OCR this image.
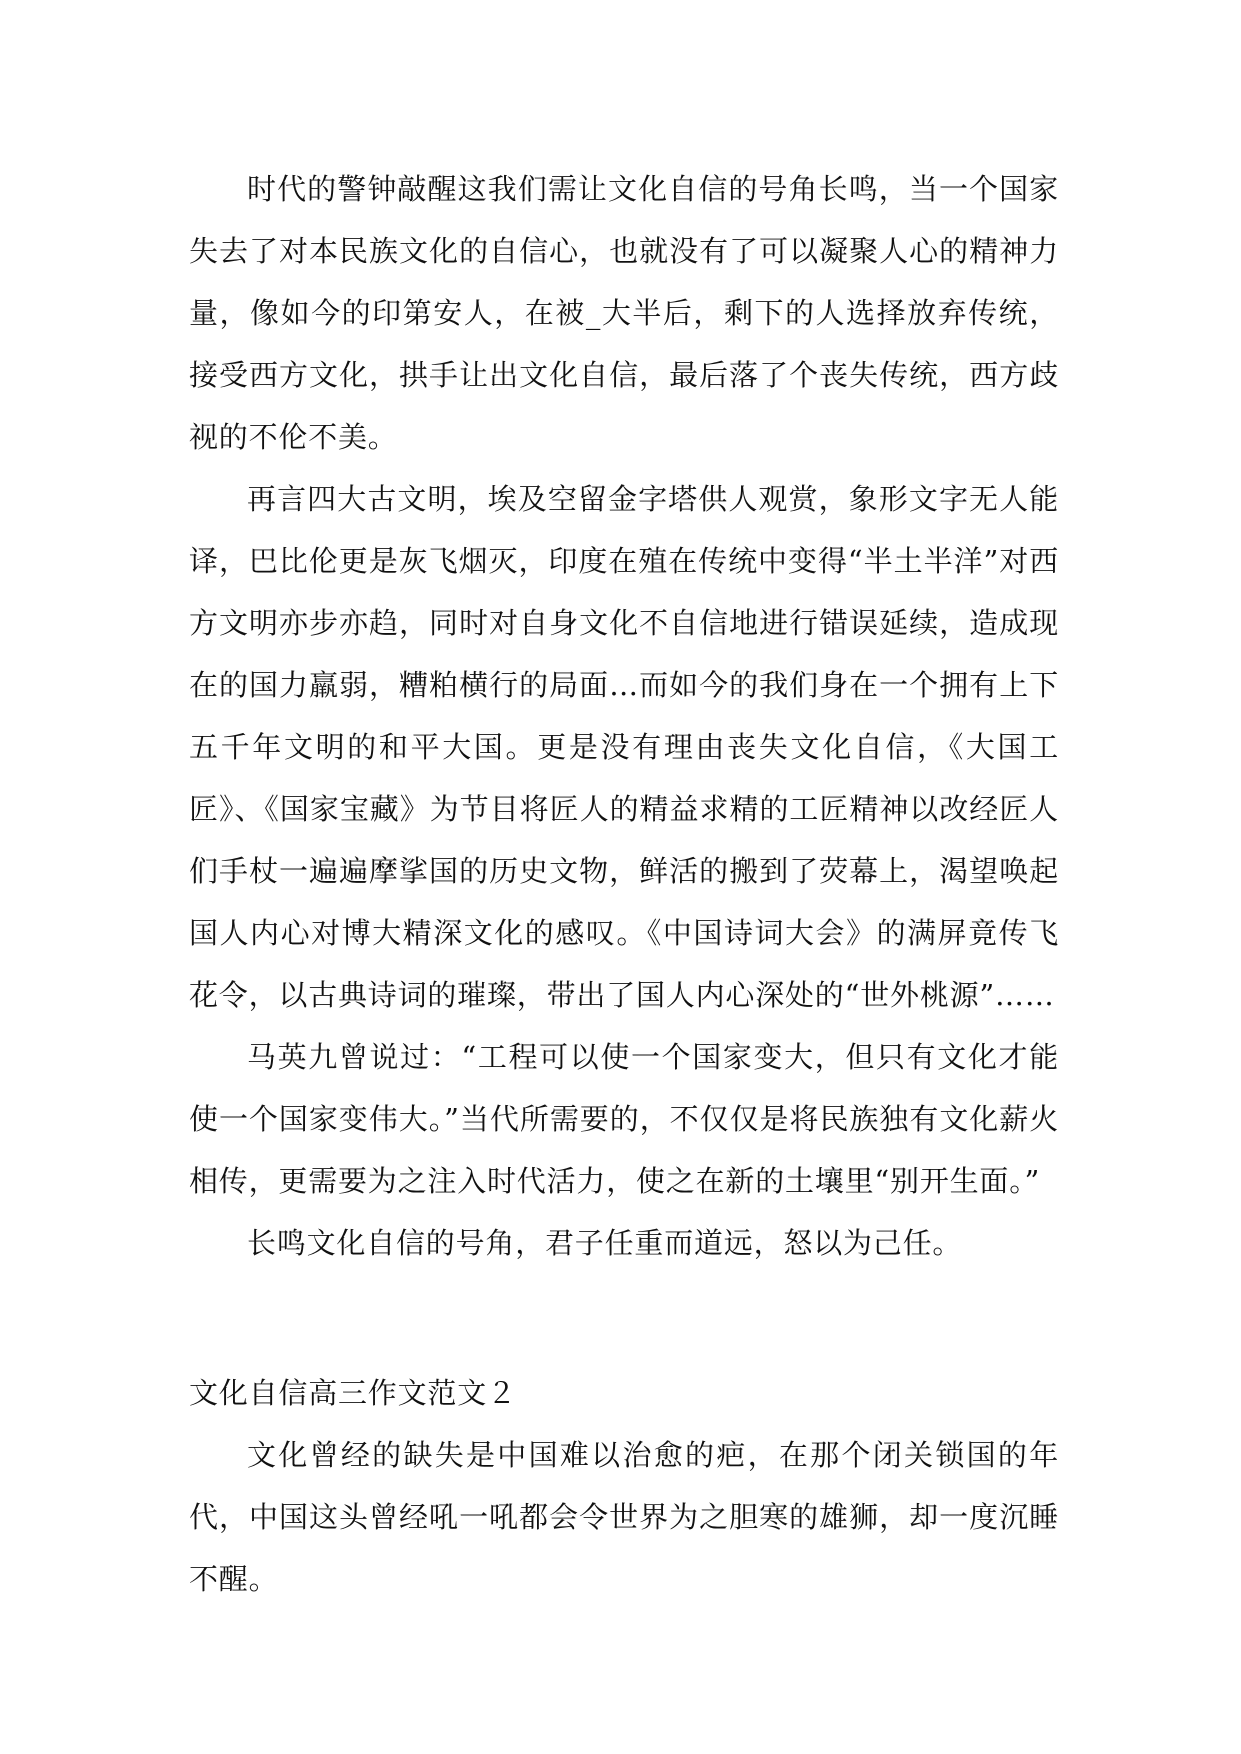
时代的警钟敲醒这我们需让文化自信的号角长鸣，当一个国家失去了对本民族文化的自信心，也就没有了可以凝聚人心的精神力量，像如今的印第安人，在被_大半后，剩下的人选择放弃传统，接受西方文化，拱手让出文化自信，最后落了个丧失传统，西方歧视的不伦不美。

再言四大古文明，埃及空留金字塔供人观赏，象形文字无人能译，巴比伦更是灰飞烟灭，印度在殖在传统中变得“半土半洋”对西方文明亦步亦趋，同时对自身文化不自信地进行错误延续，造成现在的国力羸弱，糟粕横行的局面…而如今的我们身在一个拥有上下五千年文明的和平大国。更是没有理由丧失文化自信，《大国工匠》、《国家宝藏》为节目将匠人的精益求精的工匠精神以改经匠人们手杖一遍遍摩挲国的历史文物，鲜活的搬到了荧幕上，渴望唤起国人内心对博大精深文化的感叹。《中国诗词大会》的满屏竟传飞花令，以古典诗词的璀璨，带出了国人内心深处的“世外桃源”……

马英九曾说过：“工程可以使一个国家变大，但只有文化才能使一个国家变伟大。”当代所需要的，不仅仅是将民族独有文化薪火相传，更需要为之注入时代活力，使之在新的土壤里“别开生面。”

长鸣文化自信的号角，君子任重而道远，怒以为己任。

文化自信高三作文范文２

文化曾经的缺失是中国难以治愈的疤，在那个闭关锁国的年代，中国这头曾经吼一吼都会令世界为之胆寒的雄狮，却一度沉睡不醒。
